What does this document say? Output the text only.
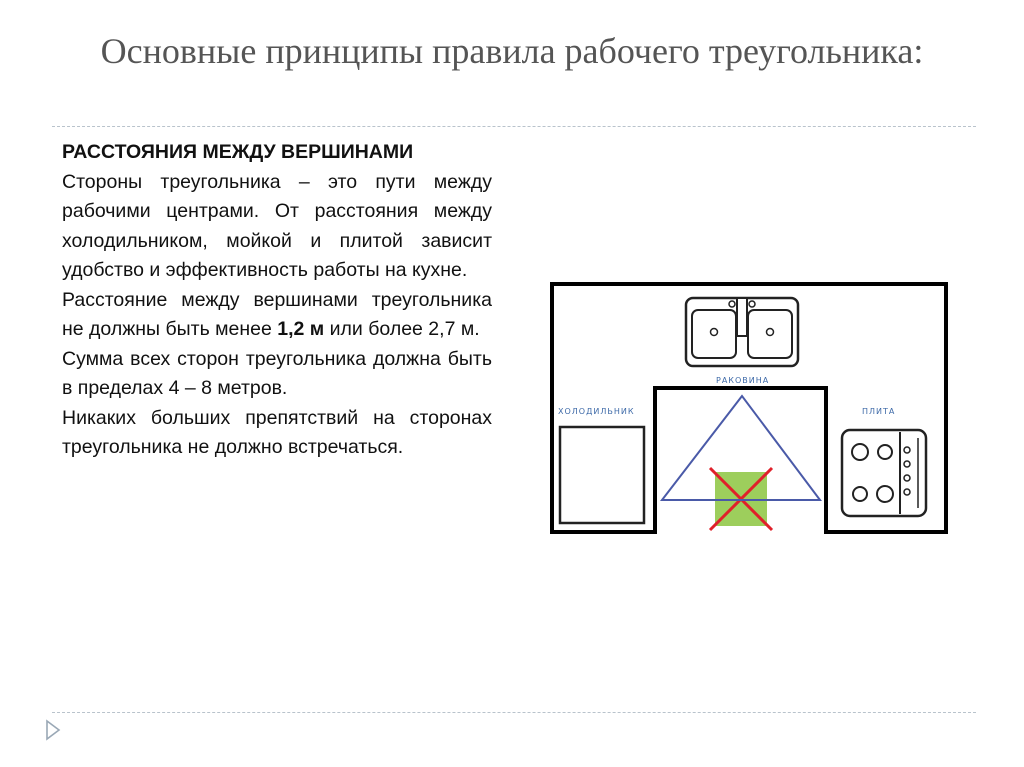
Основные принципы правила рабочего треугольника:

РАССТОЯНИЯ МЕЖДУ ВЕРШИНАМИ

Стороны треугольника – это пути между рабочими центрами. От расстояния между холодильником, мойкой и плитой зависит удобство и эффективность работы на кухне.

Расстояние между вершинами треугольника не должны быть менее 1,2 м или более 2,7 м.

Сумма всех сторон треугольника должна быть в пределах 4 – 8 метров.

Никаких больших препятствий на сторонах треугольника не должно встречаться.

РАКОВИНА
ХОЛОДИЛЬНИК	ПЛИТА
